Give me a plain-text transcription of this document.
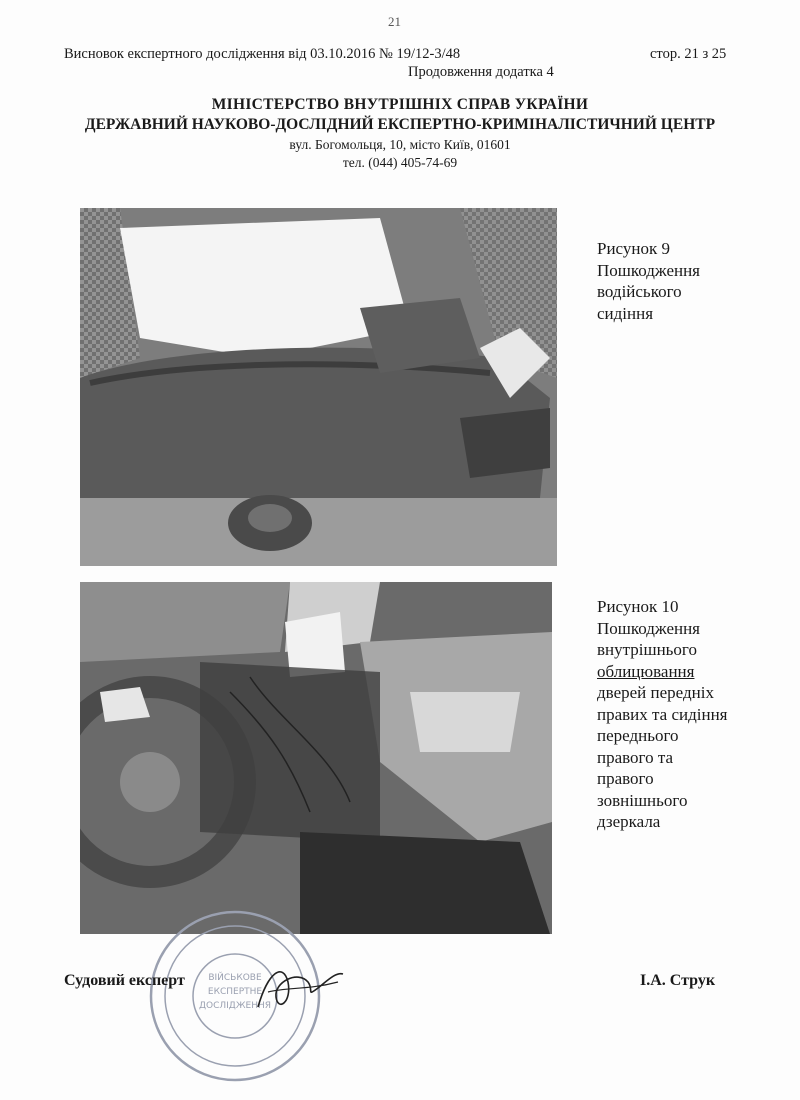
21
Висновок експертного дослідження від 03.10.2016 № 19/12-3/48	стор. 21 з 25
Продовження додатка 4
МІНІСТЕРСТВО ВНУТРІШНІХ СПРАВ УКРАЇНИ
ДЕРЖАВНИЙ НАУКОВО-ДОСЛІДНИЙ ЕКСПЕРТНО-КРИМІНАЛІСТИЧНИЙ ЦЕНТР
вул. Богомольця, 10, місто Київ, 01601
тел. (044) 405-74-69
Рисунок 9
Пошкодження
водійського
сидіння
Рисунок 10
Пошкодження
внутрішнього
облицювання
дверей передніх
правих та сидіння
переднього
правого та
правого
зовнішнього
дзеркала
ВІЙСЬКОВЕ
ЕКСПЕРТНЕ
ДОСЛІДЖЕННЯ
Судовий експерт	І.А. Струк
